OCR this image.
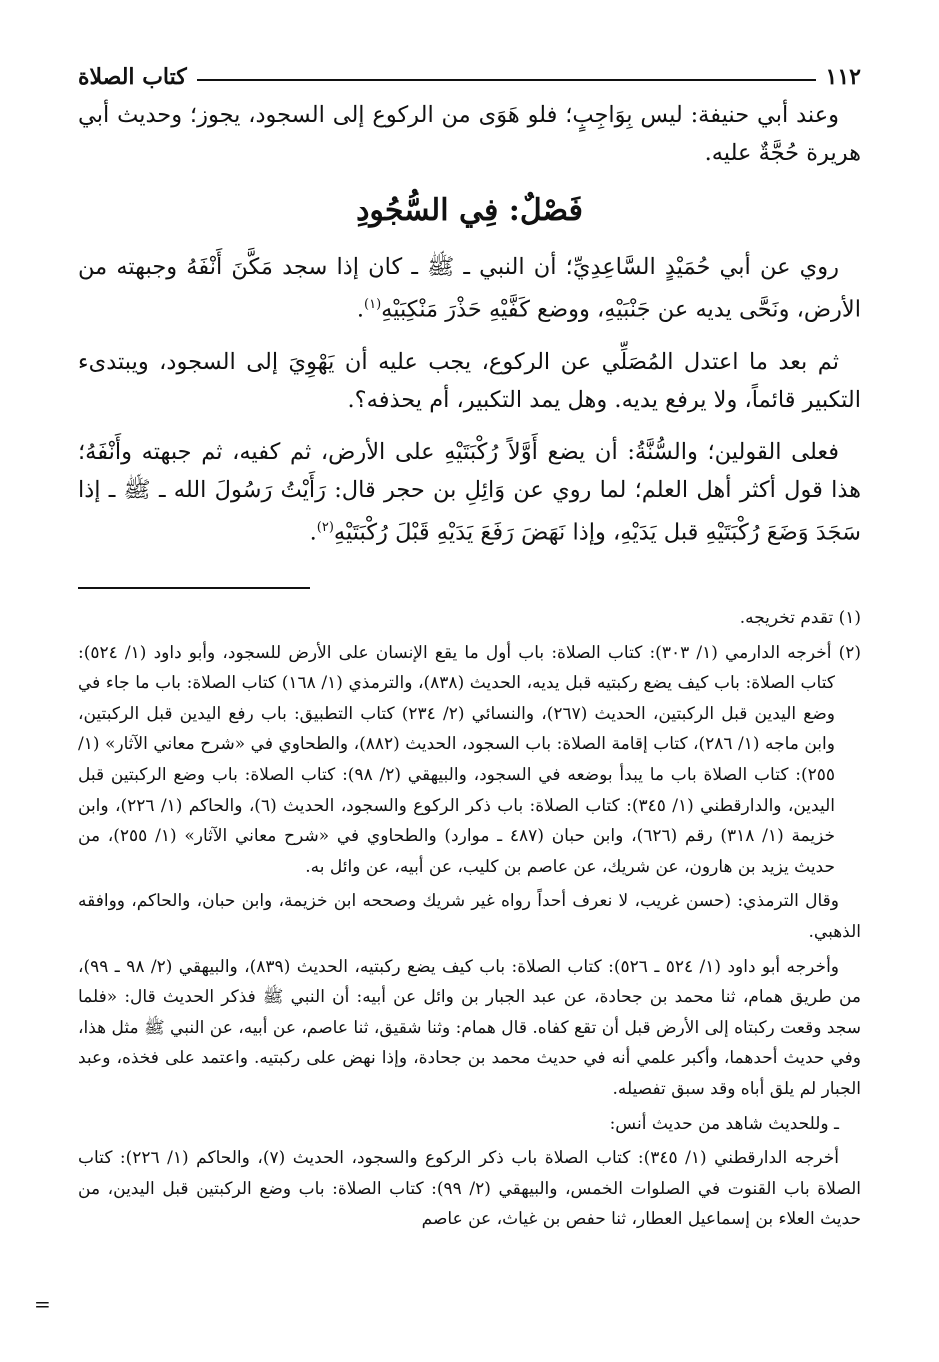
١١٢
كتاب الصلاة

وعند أبي حنيفة: ليس بِوَاجِبٍ؛ فلو هَوَى من الركوع إلى السجود، يجوز؛ وحديث أبي هريرة حُجَّةٌ عليه.

فَصْلٌ: فِي السُّجُودِ

روي عن أبي حُمَيْدٍ السَّاعِدِيِّ؛ أن النبي ـ ﷺ ـ كان إذا سجد مَكَّنَ أَنْفَهُ وجبهته من الأرض، ونَحَّى يديه عن جَنْبَيْهِ، ووضع كَفَّيْهِ حَذْرَ مَنْكِبَيْهِ$^{(١)}$.

ثم بعد ما اعتدل المُصَلِّي عن الركوع، يجب عليه أن يَهْوِيَ إلى السجود، ويبتدىء التكبير قائماً، ولا يرفع يديه. وهل يمد التكبير، أم يحذفه؟.

فعلى القولين؛ والسُّنَّةُ: أن يضع أَوَّلاً رُكْبَتَيْهِ على الأرض، ثم كفيه، ثم جبهته وأَنْفَهُ؛ هذا قول أكثر أهل العلم؛ لما روي عن وَائِلِ بن حجر قال: رَأَيْتُ رَسُولَ الله ـ ﷺ ـ إذا سَجَدَ وَضَعَ رُكْبَتَيْهِ قبل يَدَيْهِ، وإذا نَهَضَ رَفَعَ يَدَيْهِ قَبْلَ رُكْبَتَيْهِ$^{(٢)}$.

(١) تقدم تخريجه.

(٢) أخرجه الدارمي (١/ ٣٠٣): كتاب الصلاة: باب أول ما يقع الإنسان على الأرض للسجود، وأبو داود (١/ ٥٢٤): كتاب الصلاة: باب كيف يضع ركبتيه قبل يديه، الحديث (٨٣٨)، والترمذي (١/ ١٦٨) كتاب الصلاة: باب ما جاء في وضع اليدين قبل الركبتين، الحديث (٢٦٧)، والنسائي (٢/ ٢٣٤) كتاب التطبيق: باب رفع اليدين قبل الركبتين، وابن ماجه (١/ ٢٨٦)، كتاب إقامة الصلاة: باب السجود، الحديث (٨٨٢)، والطحاوي في «شرح معاني الآثار» (١/ ٢٥٥): كتاب الصلاة باب ما يبدأ بوضعه في السجود، والبيهقي (٢/ ٩٨): كتاب الصلاة: باب وضع الركبتين قبل اليدين، والدارقطني (١/ ٣٤٥): كتاب الصلاة: باب ذكر الركوع والسجود، الحديث (٦)، والحاكم (١/ ٢٢٦)، وابن خزيمة (١/ ٣١٨) رقم (٦٢٦)، وابن حبان (٤٨٧ ـ موارد) والطحاوي في «شرح معاني الآثار» (١/ ٢٥٥)، من حديث يزيد بن هارون، عن شريك، عن عاصم بن كليب، عن أبيه، عن وائل به.

وقال الترمذي: (حسن غريب، لا نعرف أحداً رواه غير شريك وصححه ابن خزيمة، وابن حبان، والحاكم، ووافقه الذهبي.

وأخرجه أبو داود (١/ ٥٢٤ ـ ٥٢٦): كتاب الصلاة: باب كيف يضع ركبتيه، الحديث (٨٣٩)، والبيهقي (٢/ ٩٨ ـ ٩٩)، من طريق همام، ثنا محمد بن جحادة، عن عبد الجبار بن وائل عن أبيه: أن النبي ﷺ فذكر الحديث قال: «فلما سجد وقعت ركبتاه إلى الأرض قبل أن تقع كفاه. قال همام: وثنا شقيق، ثنا عاصم، عن أبيه، عن النبي ﷺ مثل هذا، وفي حديث أحدهما، وأكبر علمي أنه في حديث محمد بن جحادة، وإذا نهض على ركبتيه. واعتمد على فخذه، وعبد الجبار لم يلق أباه وقد سبق تفصيله.

ـ وللحديث شاهد من حديث أنس:

أخرجه الدارقطني (١/ ٣٤٥): كتاب الصلاة باب ذكر الركوع والسجود، الحديث (٧)، والحاكم (١/ ٢٢٦): كتاب الصلاة باب القنوت في الصلوات الخمس، والبيهقي (٢/ ٩٩): كتاب الصلاة: باب وضع الركبتين قبل اليدين، من حديث العلاء بن إسماعيل العطار، ثنا حفص بن غياث، عن عاصم

=
